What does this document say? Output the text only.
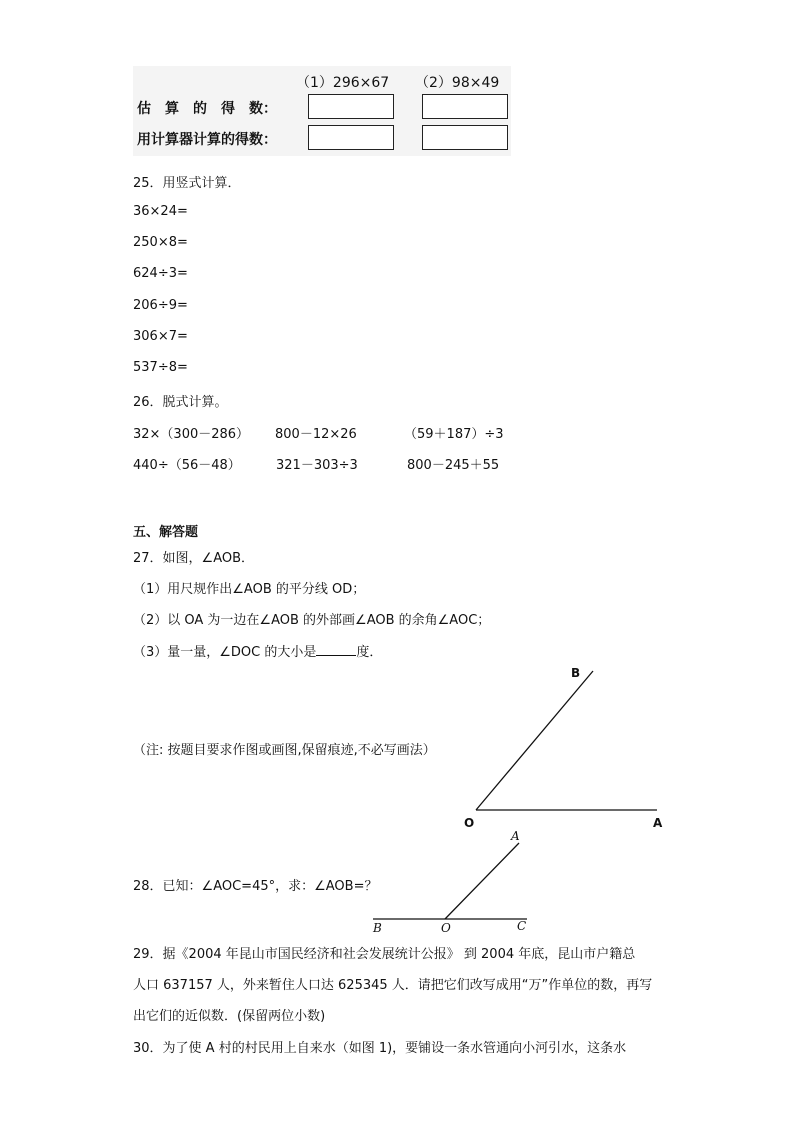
（1）296×67 （2）98×49
估　算　的　得　数：
用计算器计算的得数：
25．用竖式计算．
36×24=
250×8=
624÷3=
206÷9=
306×7=
537÷8=
26．脱式计算。
32×（300－286） 800－12×26	（59＋187）÷3
440÷（56－48）	321－303÷3	800－245＋55
五、解答题
27．如图，∠AOB．
（1）用尺规作出∠AOB 的平分线 OD；
（2）以 OA 为一边在∠AOB 的外部画∠AOB 的余角∠AOC；
（3）量一量，∠DOC 的大小是	度．
（注: 按题目要求作图或画图,保留痕迹,不必写画法）
B
O	A
28．已知：∠AOC=45°，求：∠AOB=？
A
B	O	C
29．据《2004 年昆山市国民经济和社会发展统计公报》 到 2004 年底，昆山市户籍总
人口 637157 人，外来暂住人口达 625345 人．请把它们改写成用“万”作单位的数，再写
出它们的近似数．(保留两位小数)
30．为了使 A 村的村民用上自来水（如图 1)，要铺设一条水管通向小河引水，这条水
